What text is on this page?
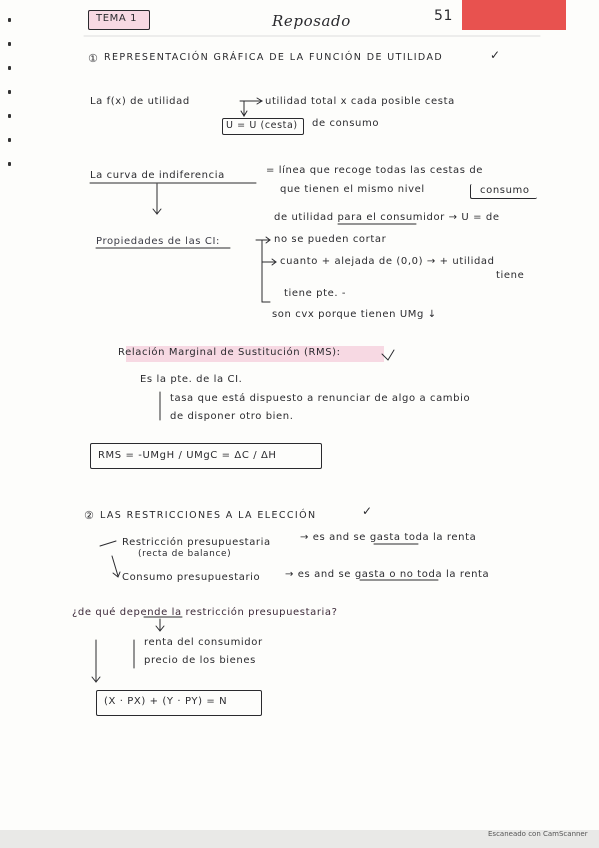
TEMA 1	Reposado	51
① REPRESENTACIÓN GRÁFICA DE LA FUNCIÓN DE UTILIDAD	✓
La f(x) de utilidad	utilidad total x cada posible cesta
U = U (cesta) de consumo
La curva de indiferencia	= línea que recoge todas las cestas de
que tienen el mismo nivel	consumo
de utilidad para el consumidor → U = de
Propiedades de las CI:	no se pueden cortar
cuanto + alejada de (0,0) → + utilidad
tiene
tiene pte. -
son cvx porque tienen UMg ↓
Relación Marginal de Sustitución (RMS):
Es la pte. de la CI.
tasa que está dispuesto a renunciar de algo a cambio
de disponer otro bien.
RMS = -UMgH / UMgC = ΔC / ΔH
② LAS RESTRICCIONES A LA ELECCIÓN	✓
Restricción presupuestaria
(recta de balance)
→ es and se gasta toda la renta
Consumo presupuestario → es and se gasta o no toda la renta
¿de qué depende la restricción presupuestaria?
renta del consumidor
precio de los bienes
(X · PX) + (Y · PY) = N
Escaneado con CamScanner
